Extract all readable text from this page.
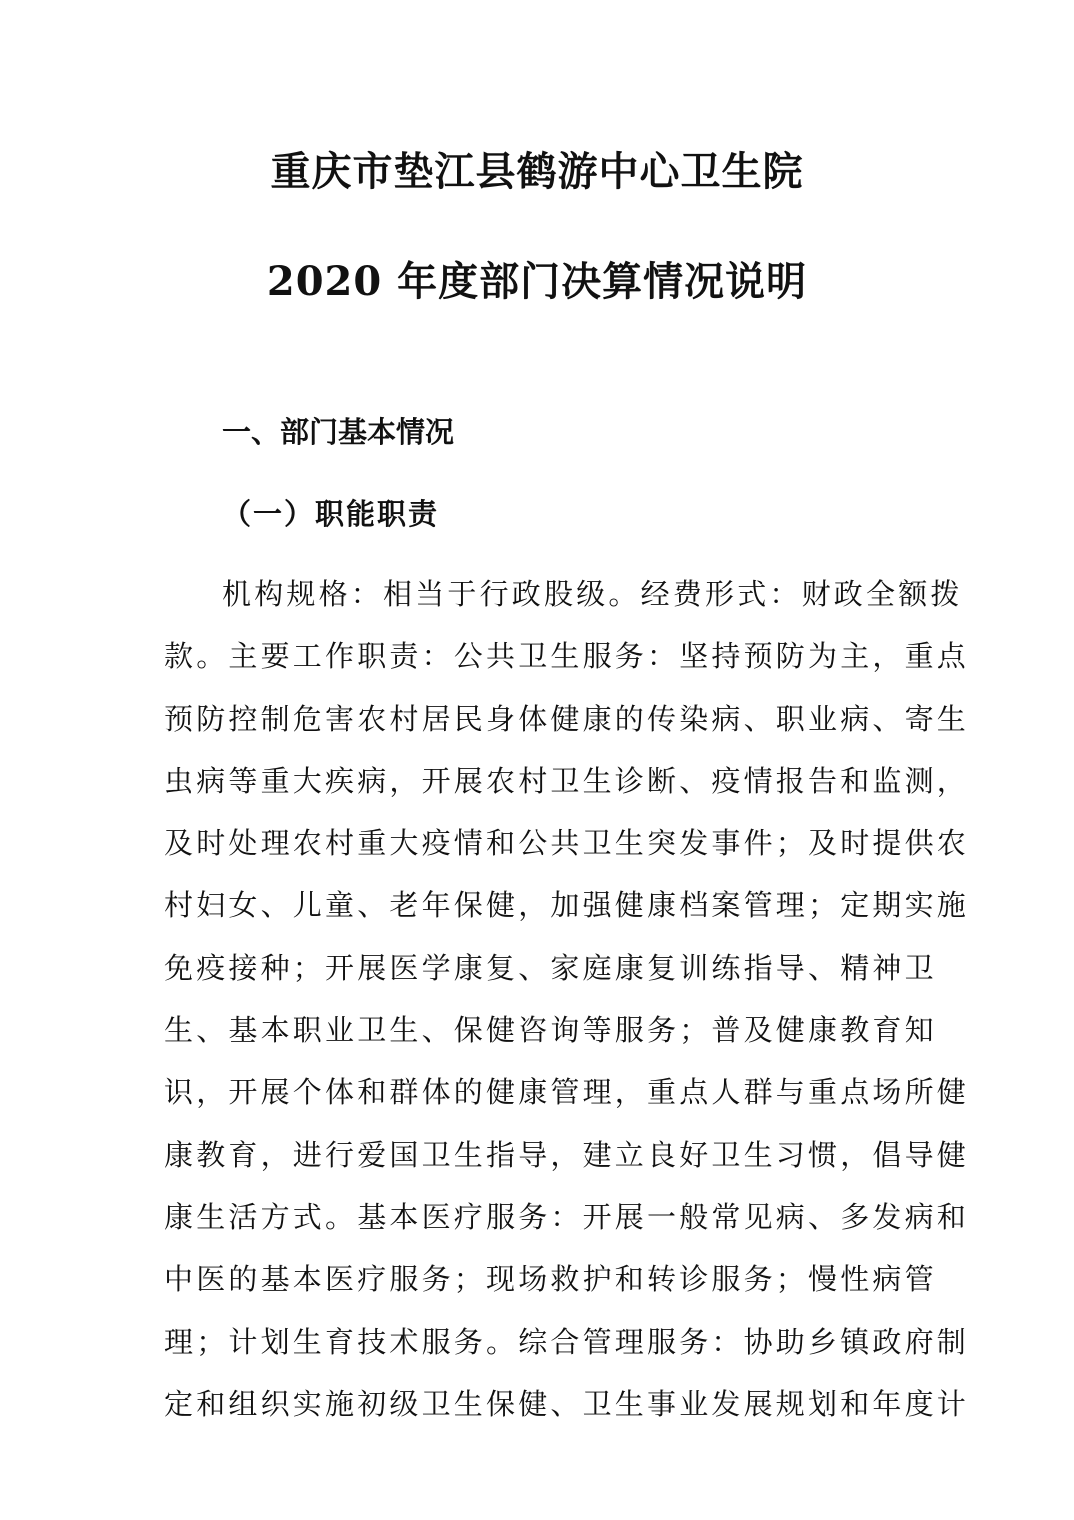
重庆市垫江县鹤游中心卫生院
2020 年度部门决算情况说明
一、部门基本情况
（一）职能职责
机构规格：相当于行政股级。经费形式：财政全额拨
款。主要工作职责：公共卫生服务：坚持预防为主，重点
预防控制危害农村居民身体健康的传染病、职业病、寄生
虫病等重大疾病，开展农村卫生诊断、疫情报告和监测，
及时处理农村重大疫情和公共卫生突发事件；及时提供农
村妇女、儿童、老年保健，加强健康档案管理；定期实施
免疫接种；开展医学康复、家庭康复训练指导、精神卫
生、基本职业卫生、保健咨询等服务；普及健康教育知
识，开展个体和群体的健康管理，重点人群与重点场所健
康教育，进行爱国卫生指导，建立良好卫生习惯，倡导健
康生活方式。基本医疗服务：开展一般常见病、多发病和
中医的基本医疗服务；现场救护和转诊服务；慢性病管
理；计划生育技术服务。综合管理服务：协助乡镇政府制
定和组织实施初级卫生保健、卫生事业发展规划和年度计
